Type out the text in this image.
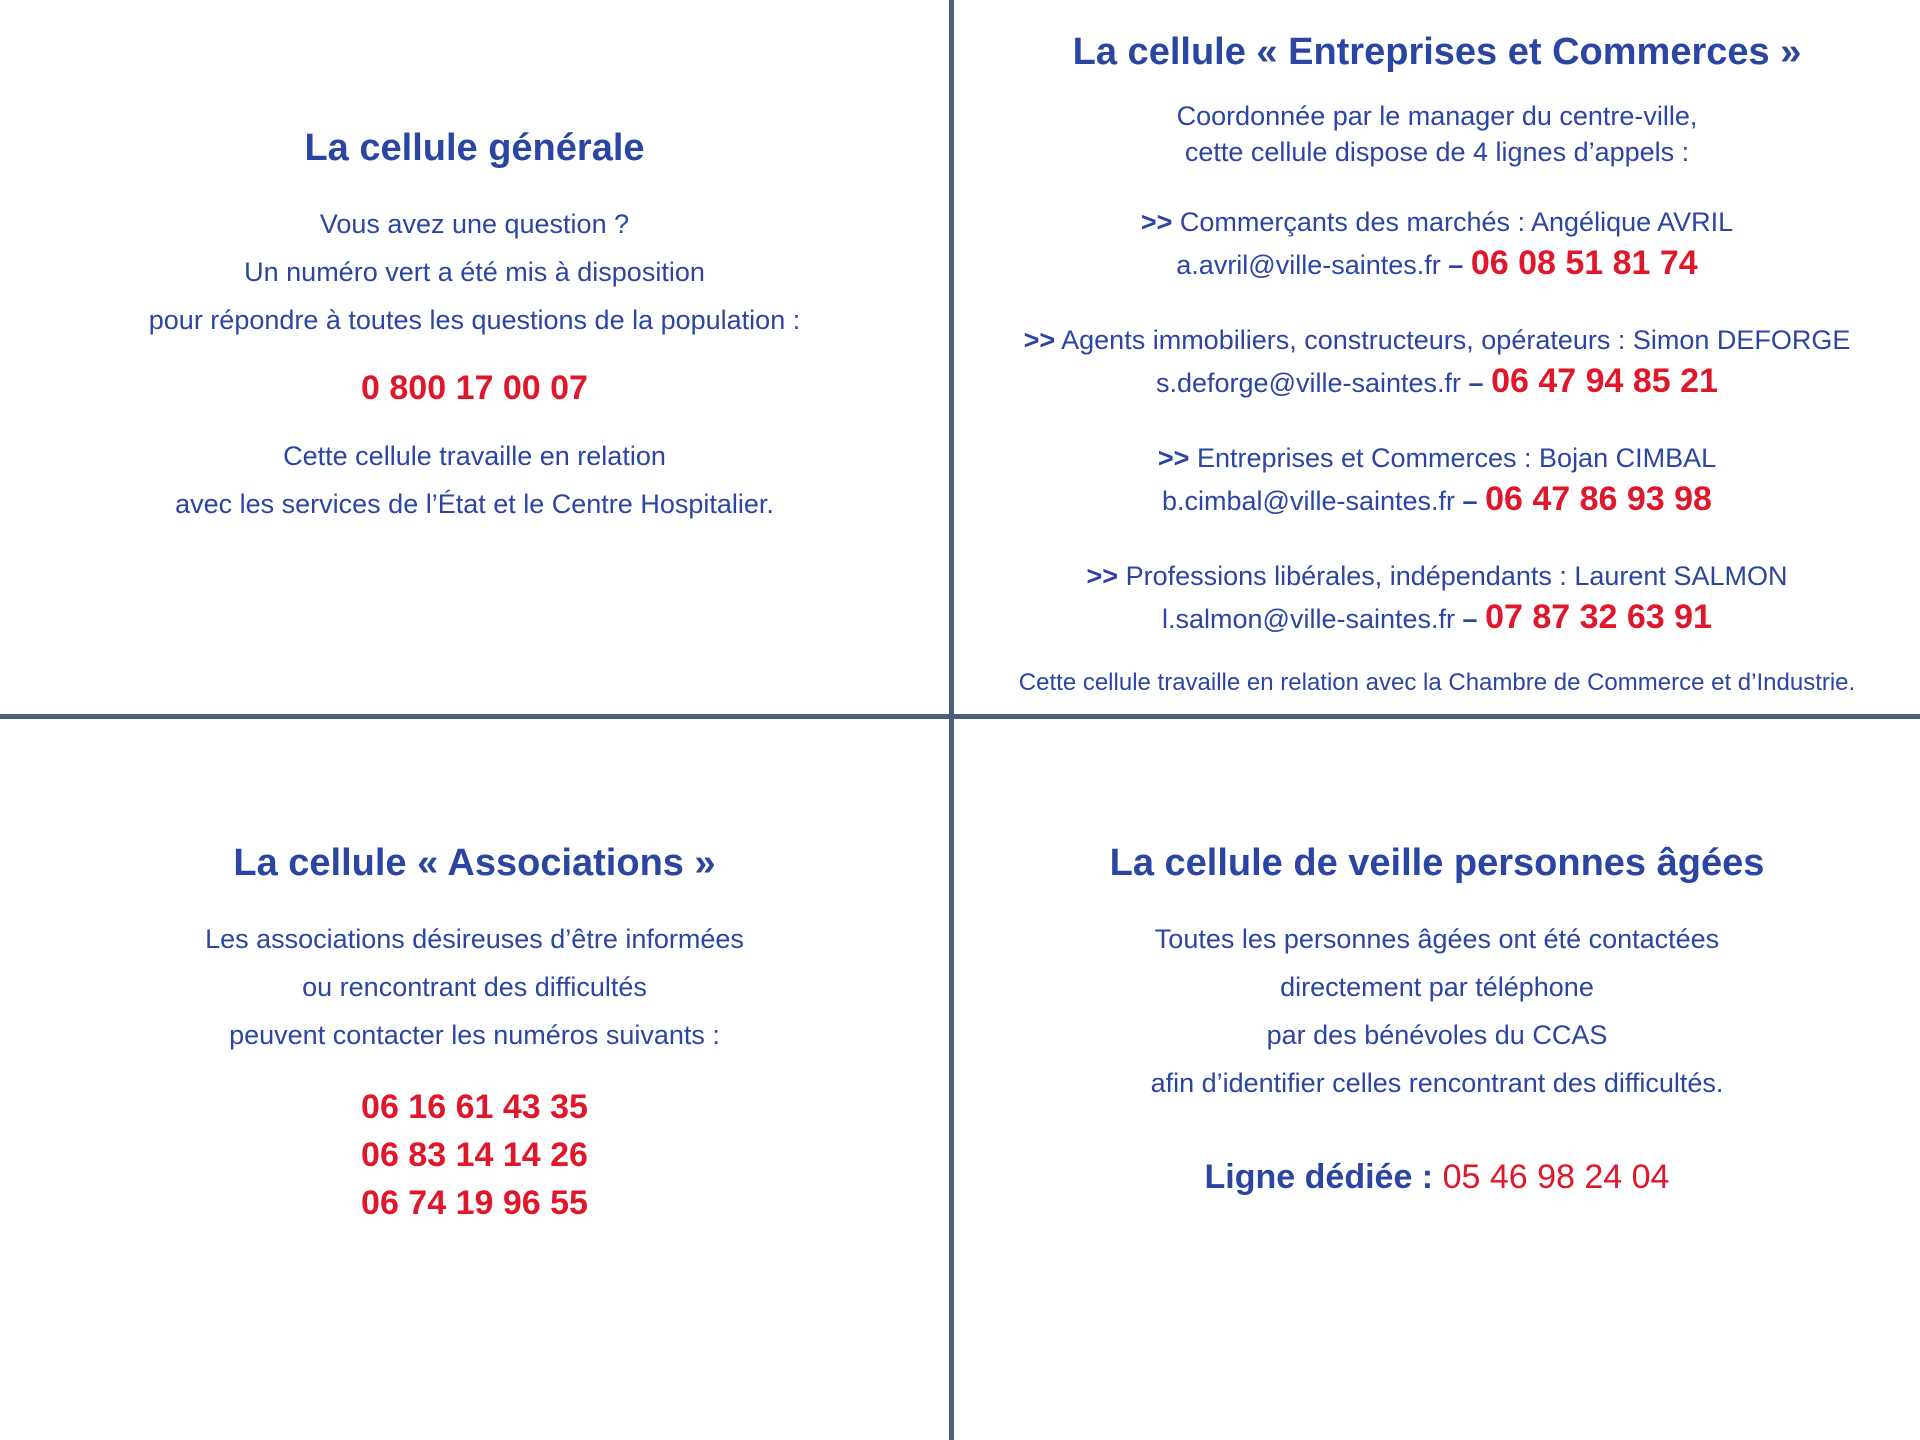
La cellule générale
Vous avez une question ?
Un numéro vert a été mis à disposition
pour répondre à toutes les questions de la population :
0 800 17 00 07
Cette cellule travaille en relation
avec les services de l’État et le Centre Hospitalier.
La cellule « Entreprises et Commerces »
Coordonnée par le manager du centre-ville,
cette cellule dispose de 4 lignes d’appels :
>> Commerçants des marchés : Angélique AVRIL
a.avril@ville-saintes.fr – 06 08 51 81 74
>> Agents immobiliers, constructeurs, opérateurs : Simon DEFORGE
s.deforge@ville-saintes.fr – 06 47 94 85 21
>> Entreprises et Commerces : Bojan CIMBAL
b.cimbal@ville-saintes.fr – 06 47 86 93 98
>> Professions libérales, indépendants : Laurent SALMON
l.salmon@ville-saintes.fr – 07 87 32 63 91
Cette cellule travaille en relation avec la Chambre de Commerce et d’Industrie.
La cellule « Associations »
Les associations désireuses d’être informées
ou rencontrant des difficultés
peuvent contacter les numéros suivants :
06 16 61 43 35
06 83 14 14 26
06 74 19 96 55
La cellule de veille personnes âgées
Toutes les personnes âgées ont été contactées
directement par téléphone
par des bénévoles du CCAS
afin d’identifier celles rencontrant des difficultés.
Ligne dédiée : 05 46 98 24 04
